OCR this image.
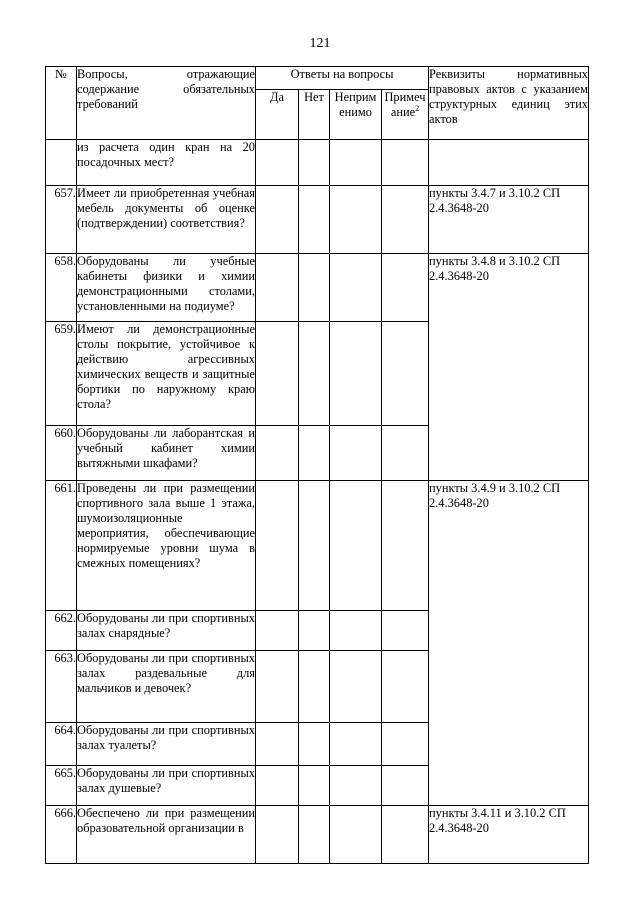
121
№	Вопросы, отражающие содержание обязательных требований	Ответы на вопросы				Реквизиты нормативных правовых актов с указанием структурных единиц этих актов
		Да	Нет	Неприм енимо	Примеч ание$^2$
	из расчета один кран на 20 посадочных мест?					
657.	Имеет ли приобретенная учебная мебель документы об оценке (подтверждении) соответствия?					пункты 3.4.7 и 3.10.2 СП 2.4.3648-20
658.	Оборудованы ли учебные кабинеты физики и химии демонстрационными столами, установленными на подиуме?					пункты 3.4.8 и 3.10.2 СП 2.4.3648-20
659.	Имеют ли демонстрационные столы покрытие, устойчивое к действию агрессивных химических веществ и защитные бортики по наружному краю стола?					
660.	Оборудованы ли лаборантская и учебный кабинет химии вытяжными шкафами?					
661.	Проведены ли при размещении спортивного зала выше 1 этажа, шумоизоляционные мероприятия, обеспечивающие нормируемые уровни шума в смежных помещениях?					пункты 3.4.9 и 3.10.2 СП 2.4.3648-20
662.	Оборудованы ли при спортивных залах снарядные?					
663.	Оборудованы ли при спортивных залах раздевальные для мальчиков и девочек?					
664.	Оборудованы ли при спортивных залах туалеты?					
665.	Оборудованы ли при спортивных залах душевые?					
666.	Обеспечено ли при размещении образовательной организации в					пункты 3.4.11 и 3.10.2 СП 2.4.3648-20
